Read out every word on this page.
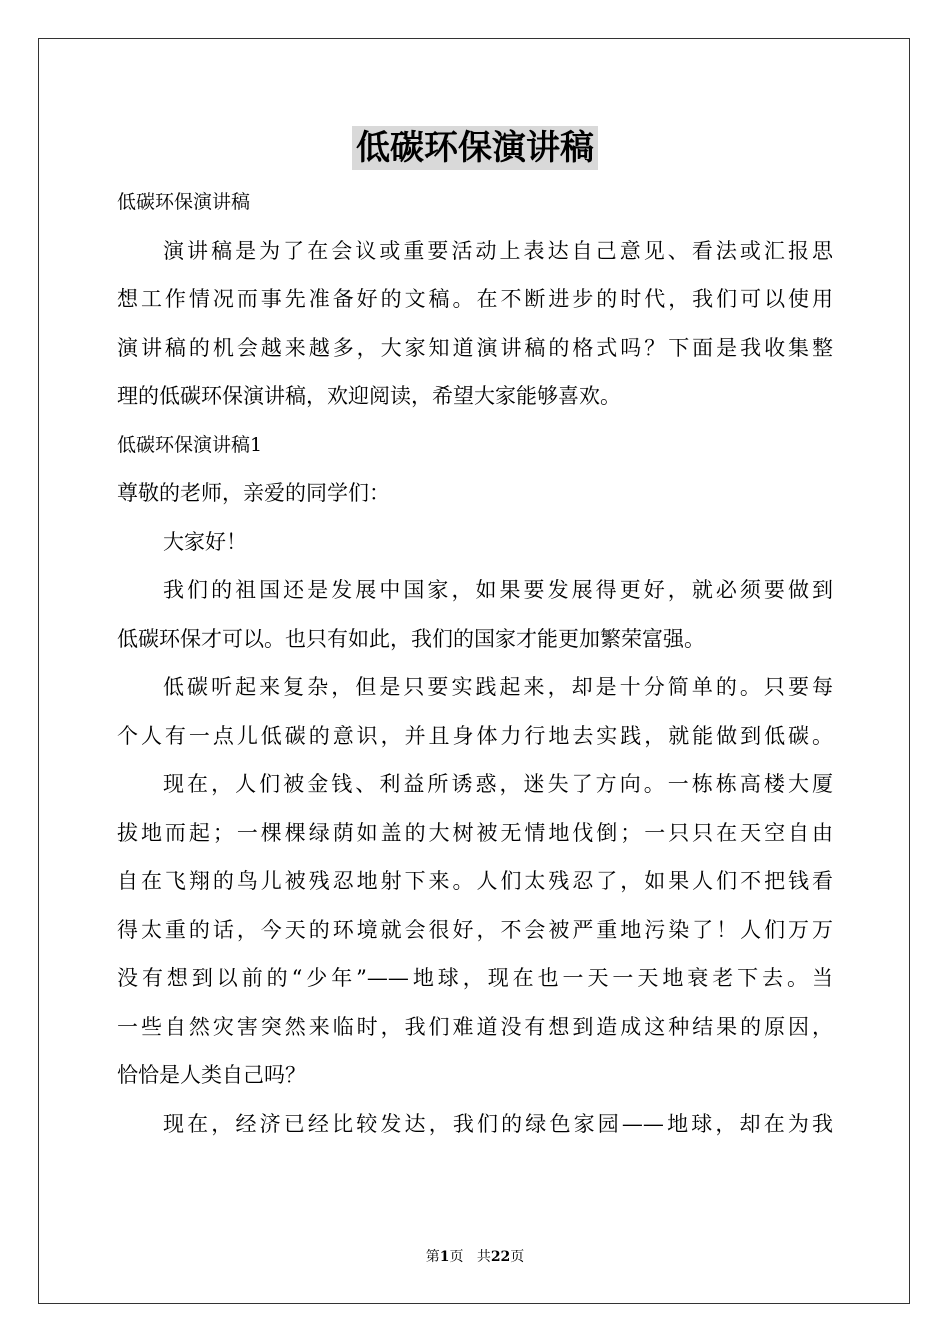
低碳环保演讲稿
低碳环保演讲稿
演讲稿是为了在会议或重要活动上表达自己意见、看法或汇报思
想工作情况而事先准备好的文稿。在不断进步的时代，我们可以使用
演讲稿的机会越来越多，大家知道演讲稿的格式吗？下面是我收集整
理的低碳环保演讲稿，欢迎阅读，希望大家能够喜欢。
低碳环保演讲稿1
尊敬的老师，亲爱的同学们：
大家好！
我们的祖国还是发展中国家，如果要发展得更好，就必须要做到
低碳环保才可以。也只有如此，我们的国家才能更加繁荣富强。
低碳听起来复杂，但是只要实践起来，却是十分简单的。只要每
个人有一点儿低碳的意识，并且身体力行地去实践，就能做到低碳。
现在，人们被金钱、利益所诱惑，迷失了方向。一栋栋高楼大厦
拔地而起；一棵棵绿荫如盖的大树被无情地伐倒；一只只在天空自由
自在飞翔的鸟儿被残忍地射下来。人们太残忍了，如果人们不把钱看
得太重的话，今天的环境就会很好，不会被严重地污染了！人们万万
没有想到以前的“少年”——地球，现在也一天一天地衰老下去。当
一些自然灾害突然来临时，我们难道没有想到造成这种结果的原因，
恰恰是人类自己吗？
现在，经济已经比较发达，我们的绿色家园——地球，却在为我
第1页 共22页
